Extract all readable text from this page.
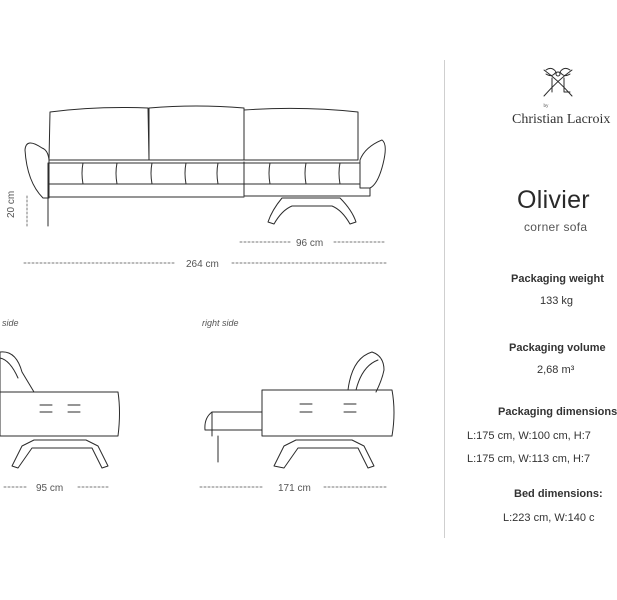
20 cm
96 cm
264 cm
side
95 cm
right side
171 cm
by
Christian Lacroix
Olivier
corner sofa
Packaging weight
133 kg
Packaging volume
2,68 m³
Packaging dimensions
L:175 cm, W:100 cm, H:7
L:175 cm, W:113 cm, H:7
Bed dimensions:
L:223 cm, W:140 c
